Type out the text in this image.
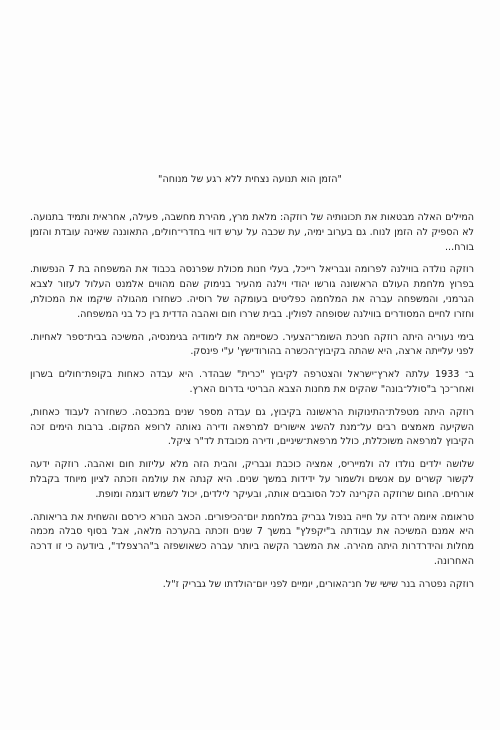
"הזמן הוא תנועה נצחית ללא רגע של מנוחה"

המילים האלה מבטאות את תכונותיה של רוזקה: מלאת מרץ, מהירת מחשבה, פעילה, אחראית ותמיד בתנועה. לא הספיק לה הזמן לנוח. גם בערוב ימיה, עת שכבה על ערש דווי בחדרי־חולים, התאוננה שאינה עובדת והזמן בורח...

רוזקה נולדה בווילנה לפרומה וגבריאל רייכל, בעלי חנות מכולת שפרנסה בכבוד את המשפחה בת 7 הנפשות. בפרוץ מלחמת העולם הראשונה גורשו יהודי וילנה מהעיר בנימוק שהם מהווים אלמנט העלול לעזור לצבא הגרמני, והמשפחה עברה את המלחמה כפליטים בעומקה של רוסיה. כשחזרו מהגולה שיקמו את המכולת, וחזרו לחיים המסודרים בווילנה שסופחה לפולין. בבית שררו חום ואהבה הדדית בין כל בני המשפחה.

בימי נעוריה היתה רוזקה חניכת השומר־הצעיר. כשסיימה את לימודיה בגימנסיה, המשיכה בבית־ספר לאחיות. לפני עלייתה ארצה, היא שהתה בקיבוץ־הכשרה בהורודישץ' ע"י פינסק.

ב־ 1933 עלתה לארץ־ישראל והצטרפה לקיבוץ "כרית" שבהדר. היא עבדה כאחות בקופת־חולים בשרון ואחר־כך ב"סולל־בונה" שהקים את מחנות הצבא הבריטי בדרום הארץ.

רוזקה היתה מטפלת־התינוקות הראשונה בקיבוץ, גם עבדה מספר שנים במכבסה. כשחזרה לעבוד כאחות, השקיעה מאמצים רבים על־מנת להשיג אישורים למרפאה ודירה נאותה לרופא המקום. ברבות הימים זכה הקיבוץ למרפאה משוכללת, כולל מרפאת־שיניים, ודירה מכובדת לד"ר ציקל.

שלושה ילדים נולדו לה ולמייריס, אמציה כוכבת וגבריק, והבית הזה מלא עליזות חום ואהבה. רוזקה ידעה לקשור קשרים עם אנשים ולשמור על ידידות במשך שנים. היא קנתה את עולמה וזכתה לציון מיוחד בקבלת אורחים. החום שרוזקה הקרינה לכל הסובבים אותה, ובעיקר לילדים, יכול לשמש דוגמה ומופת.

טראומה איומה ירדה על חייה בנפול גבריק במלחמת יום־הכיפורים. הכאב הנורא כירסם והשחית את בריאותה. היא אמנם המשיכה את עבודתה ב"יקפלץ" במשך 7 שנים וזכתה בהערכה מלאה, אבל בסוף סבלה מכמה מחלות והידרדרות היתה מהירה. את המשבר הקשה ביותר עברה כשאושפזה ב"הרצפלד", ביודעה כי זו דרכה האחרונה.

רוזקה נפטרה בנר שישי של חנ־האורים, יומיים לפני יום־הולדתו של גבריק ז"ל.
